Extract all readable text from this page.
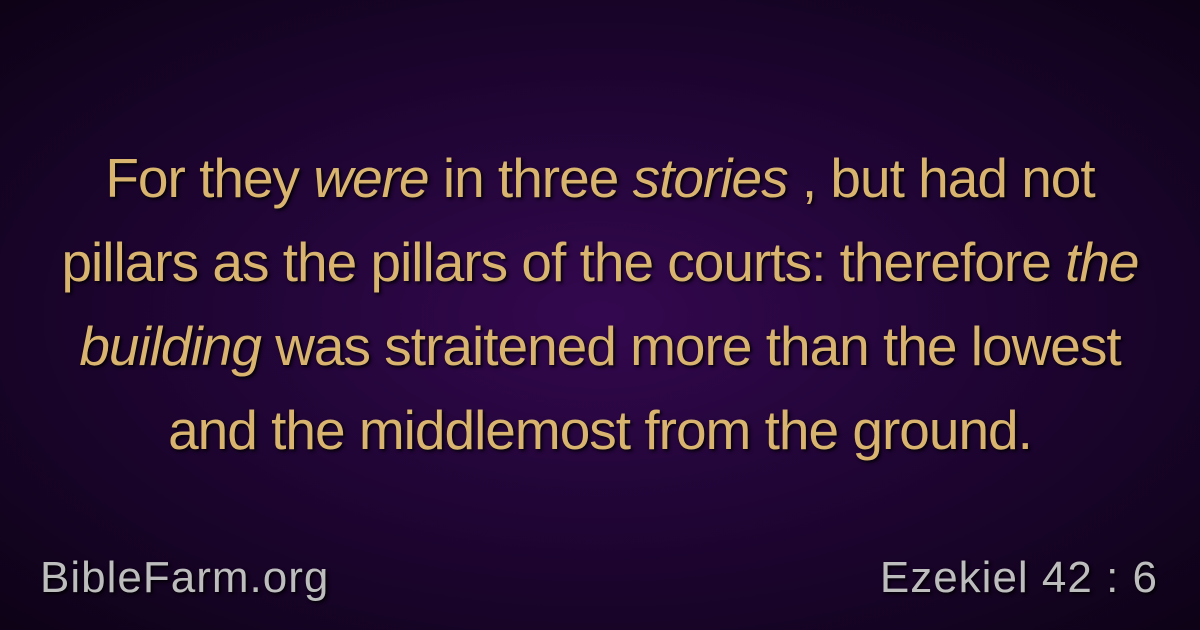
For they were in three stories , but had not pillars as the pillars of the courts: therefore the building was straitened more than the lowest and the middlemost from the ground.

BibleFarm.org	Ezekiel 42 : 6
